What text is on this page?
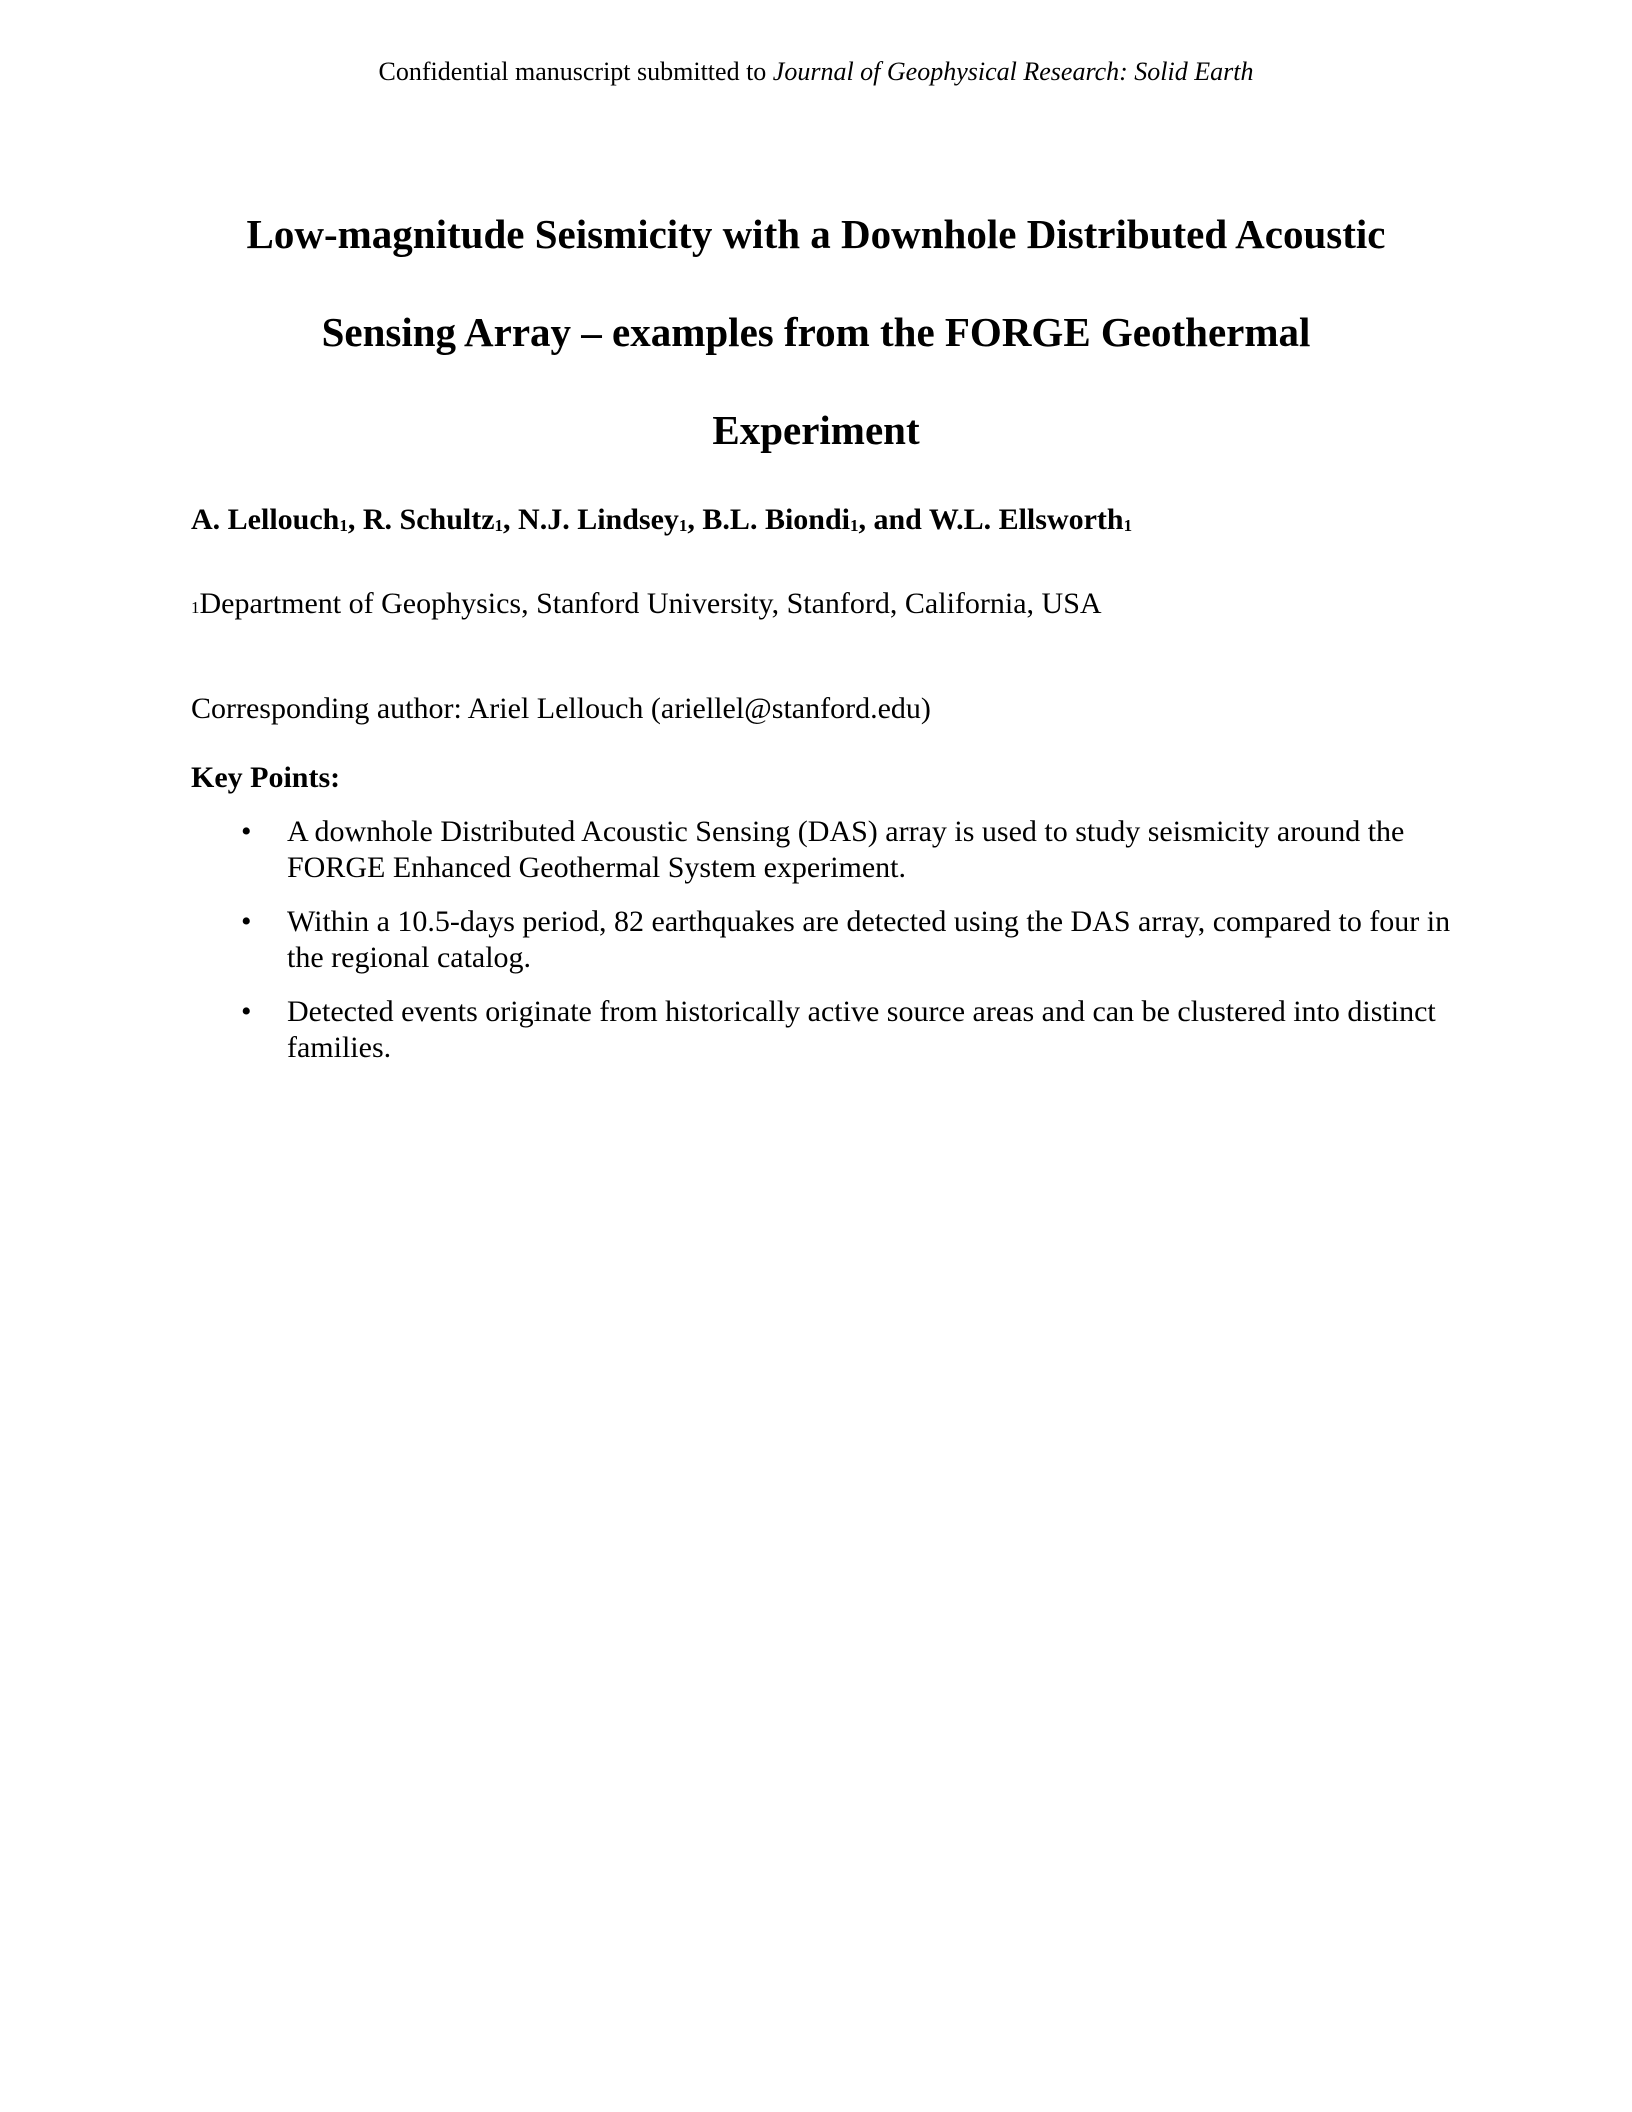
Confidential manuscript submitted to Journal of Geophysical Research: Solid Earth
Low-magnitude Seismicity with a Downhole Distributed Acoustic
Sensing Array – examples from the FORGE Geothermal
Experiment
A. Lellouch$_1$, R. Schultz$_1$, N.J. Lindsey$_1$, B.L. Biondi$_1$, and W.L. Ellsworth$_1$
1Department of Geophysics, Stanford University, Stanford, California, USA
Corresponding author: Ariel Lellouch (ariellel@stanford.edu)
Key Points:
• A downhole Distributed Acoustic Sensing (DAS) array is used to study seismicity around the FORGE Enhanced Geothermal System experiment.
• Within a 10.5-days period, 82 earthquakes are detected using the DAS array, compared to four in the regional catalog.
• Detected events originate from historically active source areas and can be clustered into distinct families.
